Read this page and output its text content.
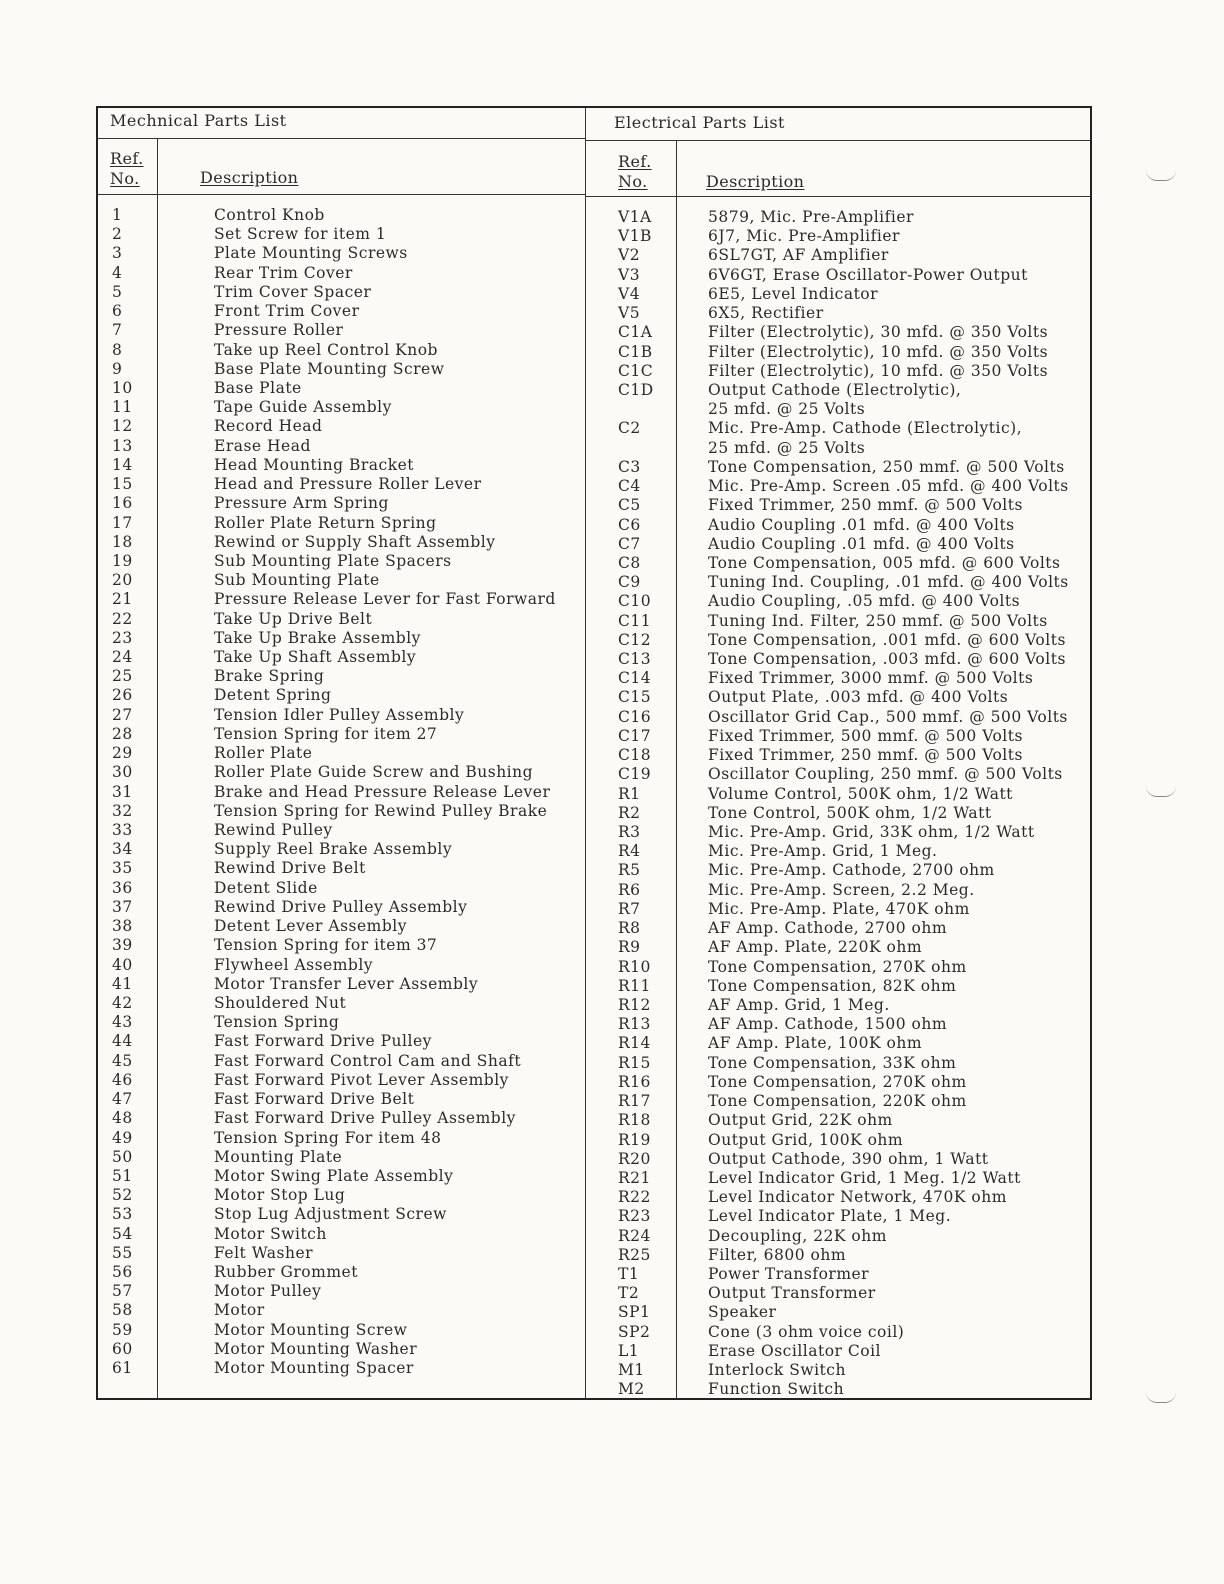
Mechnical Parts List	Electrical Parts List
Ref.
No.	Description
Ref.
No.	Description
1	Control Knob
2	Set Screw for item 1
3	Plate Mounting Screws
4	Rear Trim Cover
5	Trim Cover Spacer
6	Front Trim Cover
7	Pressure Roller
8	Take up Reel Control Knob
9	Base Plate Mounting Screw
10	Base Plate
11	Tape Guide Assembly
12	Record Head
13	Erase Head
14	Head Mounting Bracket
15	Head and Pressure Roller Lever
16	Pressure Arm Spring
17	Roller Plate Return Spring
18	Rewind or Supply Shaft Assembly
19	Sub Mounting Plate Spacers
20	Sub Mounting Plate
21	Pressure Release Lever for Fast Forward
22	Take Up Drive Belt
23	Take Up Brake Assembly
24	Take Up Shaft Assembly
25	Brake Spring
26	Detent Spring
27	Tension Idler Pulley Assembly
28	Tension Spring for item 27
29	Roller Plate
30	Roller Plate Guide Screw and Bushing
31	Brake and Head Pressure Release Lever
32	Tension Spring for Rewind Pulley Brake
33	Rewind Pulley
34	Supply Reel Brake Assembly
35	Rewind Drive Belt
36	Detent Slide
37	Rewind Drive Pulley Assembly
38	Detent Lever Assembly
39	Tension Spring for item 37
40	Flywheel Assembly
41	Motor Transfer Lever Assembly
42	Shouldered Nut
43	Tension Spring
44	Fast Forward Drive Pulley
45	Fast Forward Control Cam and Shaft
46	Fast Forward Pivot Lever Assembly
47	Fast Forward Drive Belt
48	Fast Forward Drive Pulley Assembly
49	Tension Spring For item 48
50	Mounting Plate
51	Motor Swing Plate Assembly
52	Motor Stop Lug
53	Stop Lug Adjustment Screw
54	Motor Switch
55	Felt Washer
56	Rubber Grommet
57	Motor Pulley
58	Motor
59	Motor Mounting Screw
60	Motor Mounting Washer
61	Motor Mounting Spacer
V1A	5879, Mic. Pre-Amplifier
V1B	6J7, Mic. Pre-Amplifier
V2	6SL7GT, AF Amplifier
V3	6V6GT, Erase Oscillator-Power Output
V4	6E5, Level Indicator
V5	6X5, Rectifier
C1A	Filter (Electrolytic), 30 mfd. @ 350 Volts
C1B	Filter (Electrolytic), 10 mfd. @ 350 Volts
C1C	Filter (Electrolytic), 10 mfd. @ 350 Volts
C1D	Output Cathode (Electrolytic),
25 mfd. @ 25 Volts
C2	Mic. Pre-Amp. Cathode (Electrolytic),
25 mfd. @ 25 Volts
C3	Tone Compensation, 250 mmf. @ 500 Volts
C4	Mic. Pre-Amp. Screen .05 mfd. @ 400 Volts
C5	Fixed Trimmer, 250 mmf. @ 500 Volts
C6	Audio Coupling .01 mfd. @ 400 Volts
C7	Audio Coupling .01 mfd. @ 400 Volts
C8	Tone Compensation, 005 mfd. @ 600 Volts
C9	Tuning Ind. Coupling, .01 mfd. @ 400 Volts
C10	Audio Coupling, .05 mfd. @ 400 Volts
C11	Tuning Ind. Filter, 250 mmf. @ 500 Volts
C12	Tone Compensation, .001 mfd. @ 600 Volts
C13	Tone Compensation, .003 mfd. @ 600 Volts
C14	Fixed Trimmer, 3000 mmf. @ 500 Volts
C15	Output Plate, .003 mfd. @ 400 Volts
C16	Oscillator Grid Cap., 500 mmf. @ 500 Volts
C17	Fixed Trimmer, 500 mmf. @ 500 Volts
C18	Fixed Trimmer, 250 mmf. @ 500 Volts
C19	Oscillator Coupling, 250 mmf. @ 500 Volts
R1	Volume Control, 500K ohm, 1/2 Watt
R2	Tone Control, 500K ohm, 1/2 Watt
R3	Mic. Pre-Amp. Grid, 33K ohm, 1/2 Watt
R4	Mic. Pre-Amp. Grid, 1 Meg.
R5	Mic. Pre-Amp. Cathode, 2700 ohm
R6	Mic. Pre-Amp. Screen, 2.2 Meg.
R7	Mic. Pre-Amp. Plate, 470K ohm
R8	AF Amp. Cathode, 2700 ohm
R9	AF Amp. Plate, 220K ohm
R10	Tone Compensation, 270K ohm
R11	Tone Compensation, 82K ohm
R12	AF Amp. Grid, 1 Meg.
R13	AF Amp. Cathode, 1500 ohm
R14	AF Amp. Plate, 100K ohm
R15	Tone Compensation, 33K ohm
R16	Tone Compensation, 270K ohm
R17	Tone Compensation, 220K ohm
R18	Output Grid, 22K ohm
R19	Output Grid, 100K ohm
R20	Output Cathode, 390 ohm, 1 Watt
R21	Level Indicator Grid, 1 Meg. 1/2 Watt
R22	Level Indicator Network, 470K ohm
R23	Level Indicator Plate, 1 Meg.
R24	Decoupling, 22K ohm
R25	Filter, 6800 ohm
T1	Power Transformer
T2	Output Transformer
SP1	Speaker
SP2	Cone (3 ohm voice coil)
L1	Erase Oscillator Coil
M1	Interlock Switch
M2	Function Switch
